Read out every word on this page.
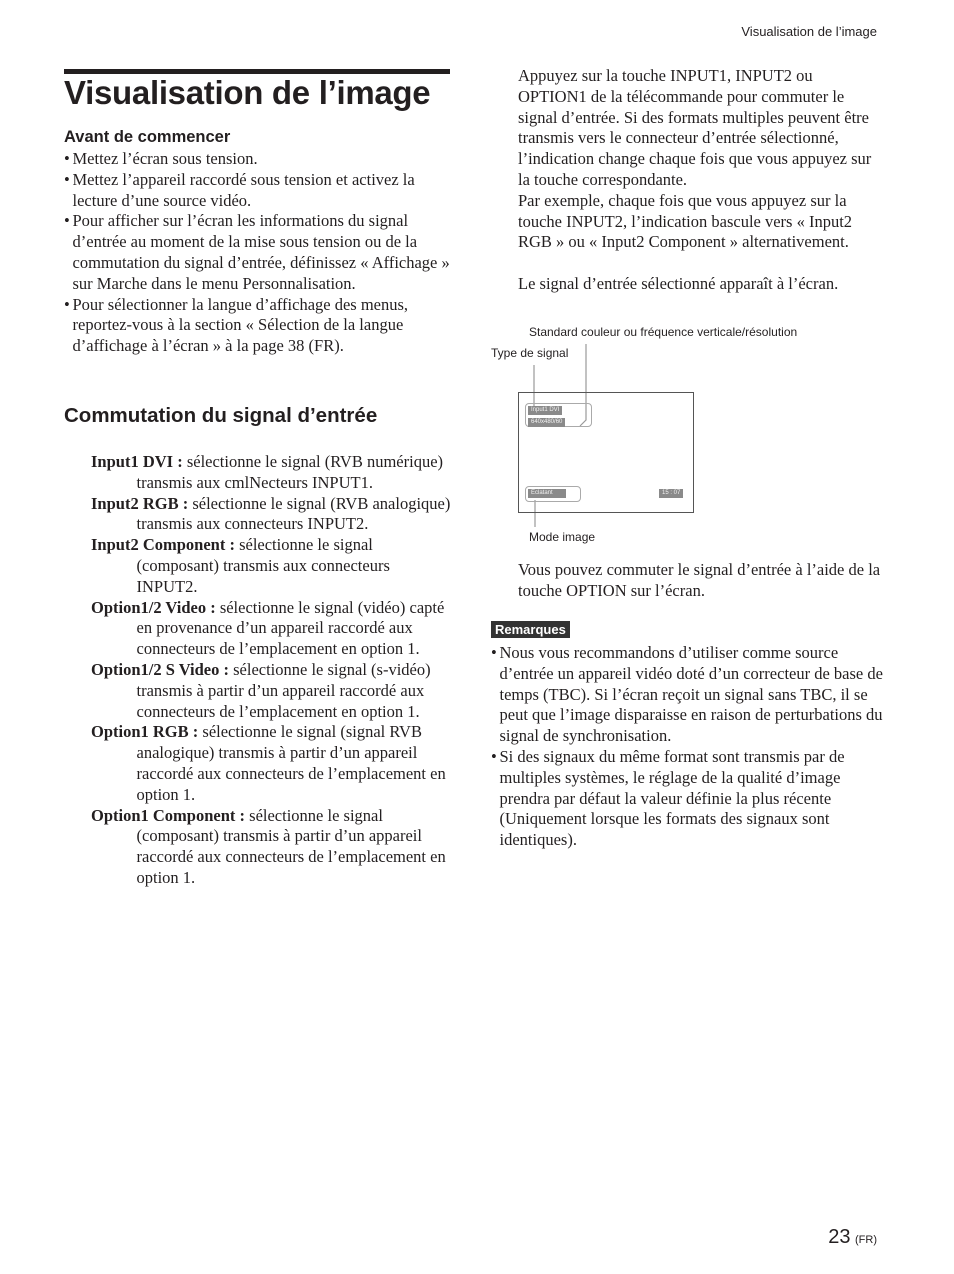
Visualisation de l’image
Visualisation de l’image
Avant de commencer
• Mettez l’écran sous tension.
• Mettez l’appareil raccordé sous tension et activez la lecture d’une source vidéo.
• Pour afficher sur l’écran les informations du signal d’entrée au moment de la mise sous tension ou de la commutation du signal d’entrée, définissez « Affichage » sur Marche dans le menu Personnalisation.
• Pour sélectionner la langue d’affichage des menus, reportez-vous à la section « Sélection de la langue d’affichage à l’écran » à la page 38 (FR).
Commutation du signal d’entrée
Input1 DVI : sélectionne le signal (RVB numérique) transmis aux cmlNecteurs INPUT1.
Input2 RGB : sélectionne le signal (RVB analogique) transmis aux connecteurs INPUT2.
Input2 Component : sélectionne le signal (composant) transmis aux connecteurs INPUT2.
Option1/2 Video : sélectionne le signal (vidéo) capté en provenance d’un appareil raccordé aux connecteurs de l’emplacement en option 1.
Option1/2 S Video : sélectionne le signal (s-vidéo) transmis à partir d’un appareil raccordé aux connecteurs de l’emplacement en option 1.
Option1 RGB : sélectionne le signal (signal RVB analogique) transmis à partir d’un appareil raccordé aux connecteurs de l’emplacement en option 1.
Option1 Component : sélectionne le signal (composant) transmis à partir d’un appareil raccordé aux connecteurs de l’emplacement en option 1.

Appuyez sur la touche INPUT1, INPUT2 ou OPTION1 de la télécommande pour commuter le signal d’entrée. Si des formats multiples peuvent être transmis vers le connecteur d’entrée sélectionné, l’indication change chaque fois que vous appuyez sur la touche correspondante.

Par exemple, chaque fois que vous appuyez sur la touche INPUT2, l’indication bascule vers « Input2 RGB » ou « Input2 Component » alternativement.

Le signal d’entrée sélectionné apparaît à l’écran.

Standard couleur ou fréquence verticale/résolution
Type de signal
Input1 DVI
640x480/60
Eclatant	15 : 07
Mode image

Vous pouvez commuter le signal d’entrée à l’aide de la touche OPTION sur l’écran.

Remarques
• Nous vous recommandons d’utiliser comme source d’entrée un appareil vidéo doté d’un correcteur de base de temps (TBC). Si l’écran reçoit un signal sans TBC, il se peut que l’image disparaisse en raison de perturbations du signal de synchronisation.
• Si des signaux du même format sont transmis par de multiples systèmes, le réglage de la qualité d’image prendra par défaut la valeur définie la plus récente (Uniquement lorsque les formats des signaux sont identiques).
23 (FR)
